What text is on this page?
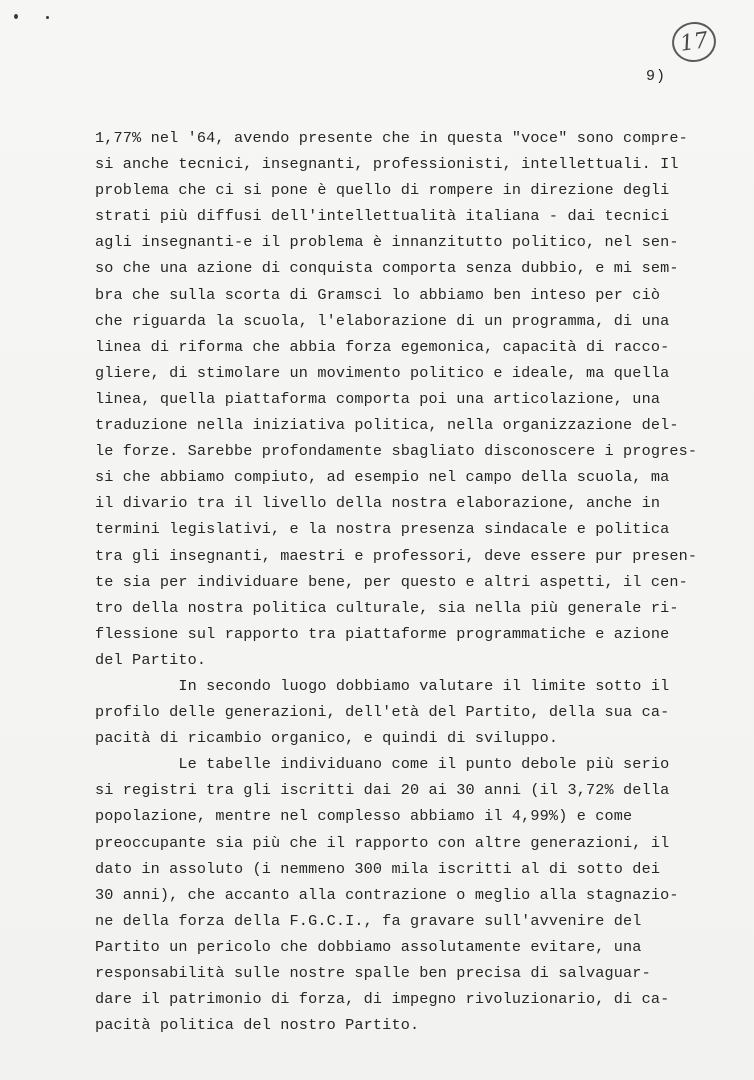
17
9)
1,77% nel '64, avendo presente che in questa "voce" sono compre-
si anche tecnici, insegnanti, professionisti, intellettuali. Il
problema che ci si pone è quello di rompere in direzione degli
strati più diffusi dell'intellettualità italiana - dai tecnici
agli insegnanti-e il problema è innanzitutto politico, nel sen-
so che una azione di conquista comporta senza dubbio, e mi sem-
bra che sulla scorta di Gramsci lo abbiamo ben inteso per ciò
che riguarda la scuola, l'elaborazione di un programma, di una
linea di riforma che abbia forza egemonica, capacità di racco-
gliere, di stimolare un movimento politico e ideale, ma quella
linea, quella piattaforma comporta poi una articolazione, una
traduzione nella iniziativa politica, nella organizzazione del-
le forze. Sarebbe profondamente sbagliato disconoscere i progres-
si che abbiamo compiuto, ad esempio nel campo della scuola, ma
il divario tra il livello della nostra elaborazione, anche in
termini legislativi, e la nostra presenza sindacale e politica
tra gli insegnanti, maestri e professori, deve essere pur presen-
te sia per individuare bene, per questo e altri aspetti, il cen-
tro della nostra politica culturale, sia nella più generale ri-
flessione sul rapporto tra piattaforme programmatiche e azione
del Partito.
In secondo luogo dobbiamo valutare il limite sotto il
profilo delle generazioni, dell'età del Partito, della sua ca-
pacità di ricambio organico, e quindi di sviluppo.
Le tabelle individuano come il punto debole più serio
si registri tra gli iscritti dai 20 ai 30 anni (il 3,72% della
popolazione, mentre nel complesso abbiamo il 4,99%) e come
preoccupante sia più che il rapporto con altre generazioni, il
dato in assoluto (i nemmeno 300 mila iscritti al di sotto dei
30 anni), che accanto alla contrazione o meglio alla stagnazio-
ne della forza della F.G.C.I., fa gravare sull'avvenire del
Partito un pericolo che dobbiamo assolutamente evitare, una
responsabilità sulle nostre spalle ben precisa di salvaguar-
dare il patrimonio di forza, di impegno rivoluzionario, di ca-
pacità politica del nostro Partito.
